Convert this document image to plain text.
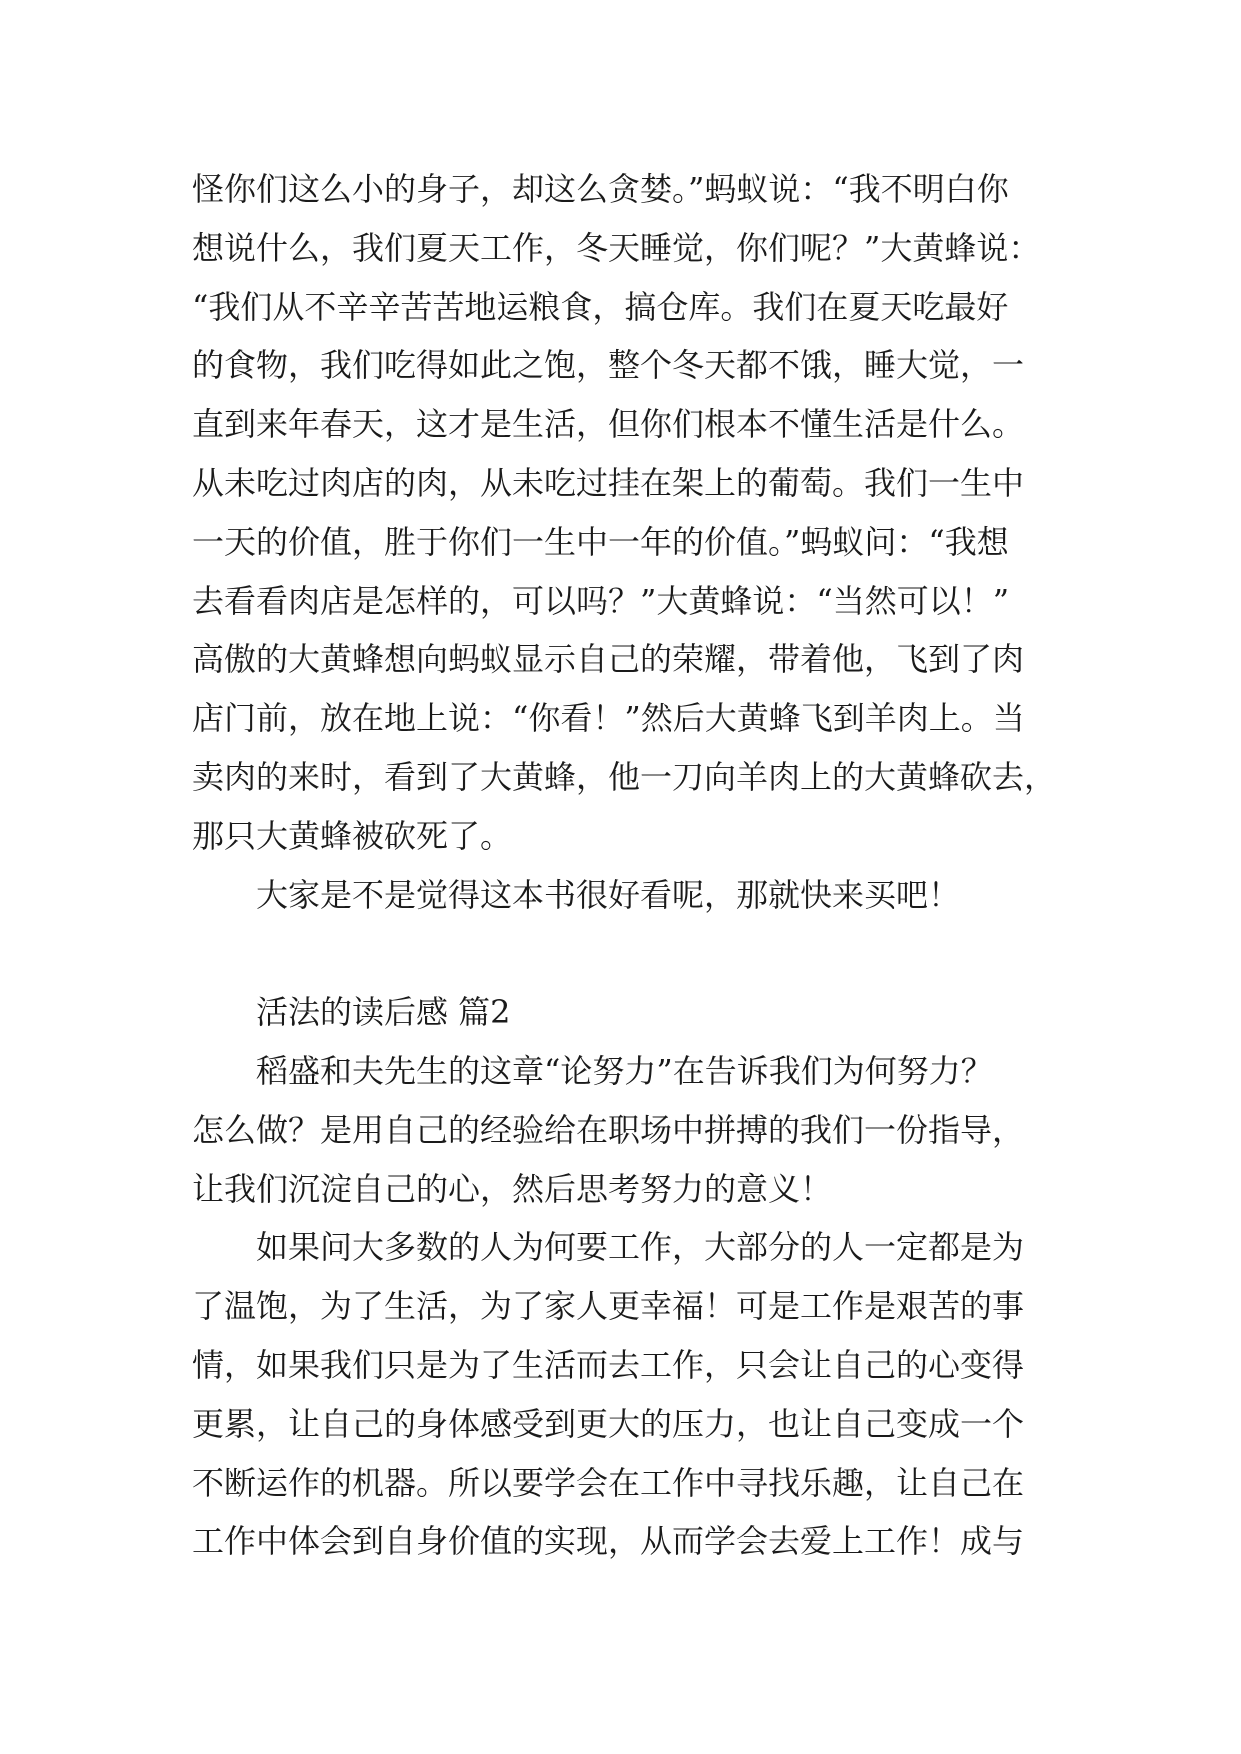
怪你们这么小的身子，却这么贪婪。”蚂蚁说：“我不明白你
想说什么，我们夏天工作，冬天睡觉，你们呢？”大黄蜂说：
“我们从不辛辛苦苦地运粮食，搞仓库。我们在夏天吃最好
的食物，我们吃得如此之饱，整个冬天都不饿，睡大觉，一
直到来年春天，这才是生活，但你们根本不懂生活是什么。
从未吃过肉店的肉，从未吃过挂在架上的葡萄。我们一生中
一天的价值，胜于你们一生中一年的价值。”蚂蚁问：“我想
去看看肉店是怎样的，可以吗？”大黄蜂说：“当然可以！”
高傲的大黄蜂想向蚂蚁显示自己的荣耀，带着他，飞到了肉
店门前，放在地上说：“你看！”然后大黄蜂飞到羊肉上。当
卖肉的来时，看到了大黄蜂，他一刀向羊肉上的大黄蜂砍去，
那只大黄蜂被砍死了。
大家是不是觉得这本书很好看呢，那就快来买吧！
活法的读后感 篇2
稻盛和夫先生的这章“论努力”在告诉我们为何努力？
怎么做？是用自己的经验给在职场中拼搏的我们一份指导，
让我们沉淀自己的心，然后思考努力的意义！
如果问大多数的人为何要工作，大部分的人一定都是为
了温饱，为了生活，为了家人更幸福！可是工作是艰苦的事
情，如果我们只是为了生活而去工作，只会让自己的心变得
更累，让自己的身体感受到更大的压力，也让自己变成一个
不断运作的机器。所以要学会在工作中寻找乐趣，让自己在
工作中体会到自身价值的实现，从而学会去爱上工作！成与
